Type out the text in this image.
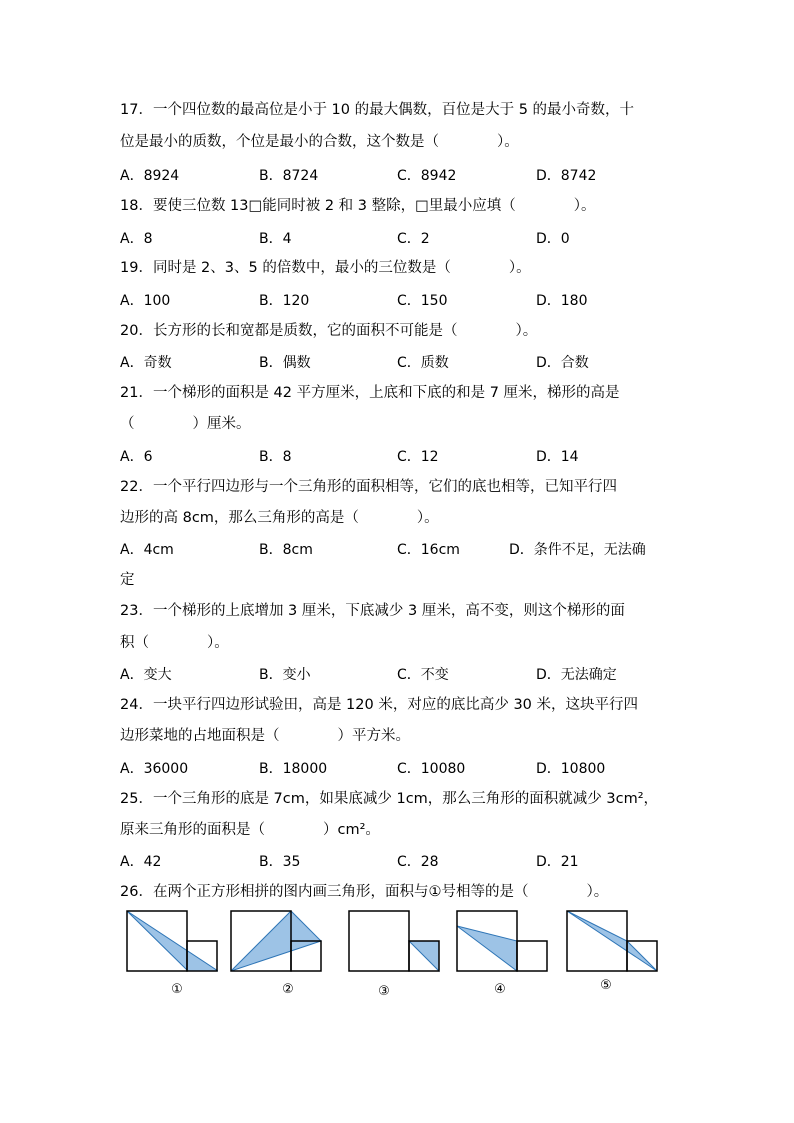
17．一个四位数的最高位是小于 10 的最大偶数，百位是大于 5 的最小奇数，十
位是最小的质数，个位是最小的合数，这个数是（　　　　）。
A．8924	B．8724	C．8942	D．8742
18．要使三位数 13□能同时被 2 和 3 整除，□里最小应填（　　　　）。
A．8	B．4	C．2	D．0
19．同时是 2、3、5 的倍数中，最小的三位数是（　　　　）。
A．100	B．120	C．150	D．180
20．长方形的长和宽都是质数，它的面积不可能是（　　　　）。
A．奇数	B．偶数	C．质数	D．合数
21．一个梯形的面积是 42 平方厘米，上底和下底的和是 7 厘米，梯形的高是
（　　　　）厘米。
A．6	B．8	C．12	D．14
22．一个平行四边形与一个三角形的面积相等，它们的底也相等，已知平行四
边形的高 8cm，那么三角形的高是（　　　　）。
A．4cm	B．8cm	C．16cm	D．条件不足，无法确
定
23．一个梯形的上底增加 3 厘米，下底减少 3 厘米，高不变，则这个梯形的面
积（　　　　）。
A．变大	B．变小	C．不变	D．无法确定
24．一块平行四边形试验田，高是 120 米，对应的底比高少 30 米，这块平行四
边形菜地的占地面积是（　　　　）平方米。
A．36000	B．18000	C．10080	D．10800
25．一个三角形的底是 7cm，如果底减少 1cm，那么三角形的面积就减少 3cm²，
原来三角形的面积是（　　　　）cm²。
A．42	B．35	C．28	D．21
26．在两个正方形相拼的图内画三角形，面积与①号相等的是（　　　　）。
①	②	③	④	⑤
